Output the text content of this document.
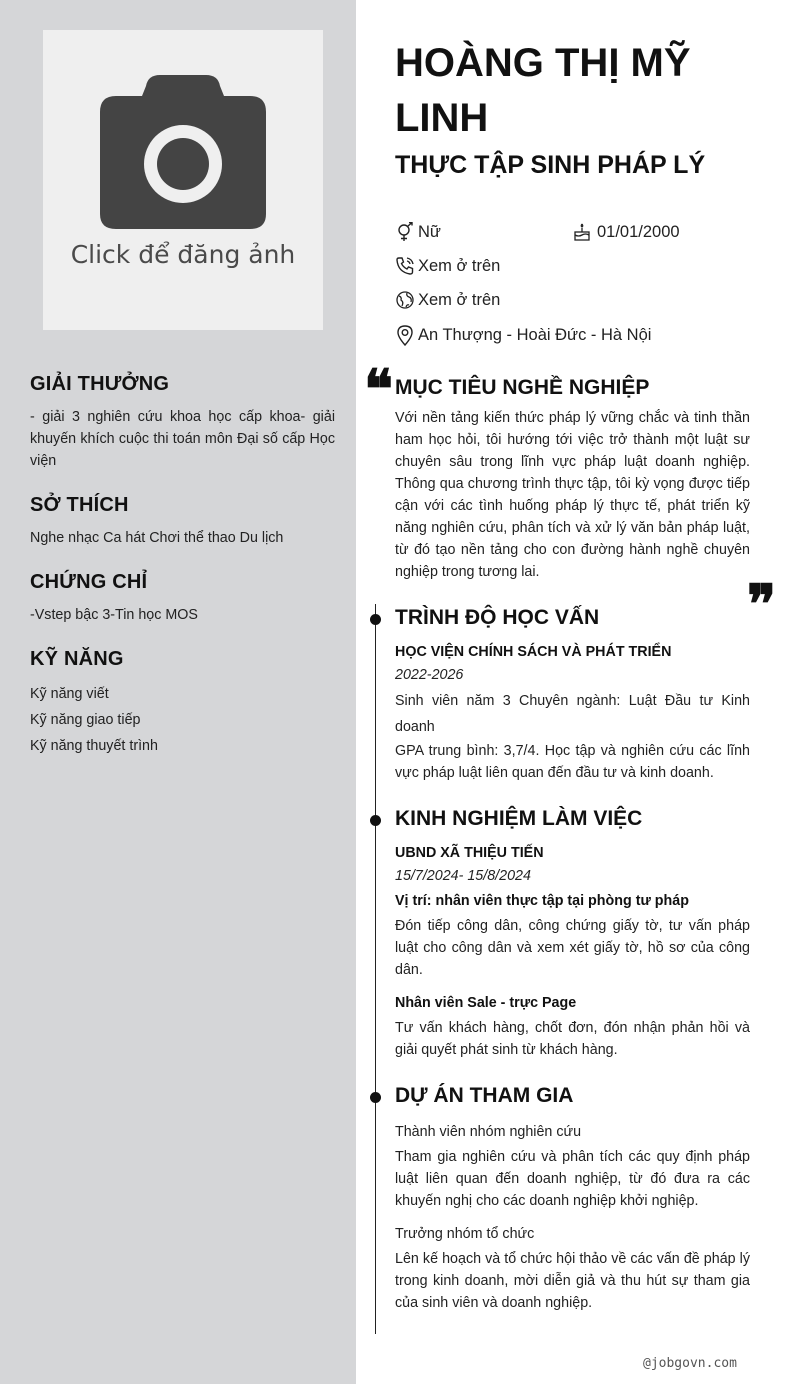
Click để đăng ảnh
GIẢI THƯỞNG

- giải 3 nghiên cứu khoa học cấp khoa- giải khuyến khích cuộc thi toán môn Đại số cấp Học viện

SỞ THÍCH

Nghe nhạc Ca hát Chơi thể thao Du lịch

CHỨNG CHỈ

-Vstep bậc 3-Tin học MOS

KỸ NĂNG
Kỹ năng viết
Kỹ năng giao tiếp
Kỹ năng thuyết trình
HOÀNG THỊ MỸ LINH
THỰC TẬP SINH PHÁP LÝ
Nữ	01/01/2000
Xem ở trên
Xem ở trên
An Thượng - Hoài Đức - Hà Nội
❝ MỤC TIÊU NGHỀ NGHIỆP

Với nền tảng kiến thức pháp lý vững chắc và tinh thần ham học hỏi, tôi hướng tới việc trở thành một luật sư chuyên sâu trong lĩnh vực pháp luật doanh nghiệp. Thông qua chương trình thực tập, tôi kỳ vọng được tiếp cận với các tình huống pháp lý thực tế, phát triển kỹ năng nghiên cứu, phân tích và xử lý văn bản pháp luật, từ đó tạo nền tảng cho con đường hành nghề chuyên nghiệp trong tương lai.	❞
TRÌNH ĐỘ HỌC VẤN

HỌC VIỆN CHÍNH SÁCH VÀ PHÁT TRIỂN

2022-2026

Sinh viên năm 3 Chuyên ngành: Luật Đầu tư Kinh doanh

GPA trung bình: 3,7/4. Học tập và nghiên cứu các lĩnh vực pháp luật liên quan đến đầu tư và kinh doanh.

KINH NGHIỆM LÀM VIỆC

UBND XÃ THIỆU TIẾN

15/7/2024- 15/8/2024

Vị trí: nhân viên thực tập tại phòng tư pháp

Đón tiếp công dân, công chứng giấy tờ, tư vấn pháp luật cho công dân và xem xét giấy tờ, hồ sơ của công dân.

Nhân viên Sale - trực Page

Tư vấn khách hàng, chốt đơn, đón nhận phản hồi và giải quyết phát sinh từ khách hàng.

DỰ ÁN THAM GIA

Thành viên nhóm nghiên cứu

Tham gia nghiên cứu và phân tích các quy định pháp luật liên quan đến doanh nghiệp, từ đó đưa ra các khuyến nghị cho các doanh nghiệp khởi nghiệp.

Trưởng nhóm tổ chức

Lên kế hoạch và tổ chức hội thảo về các vấn đề pháp lý trong kinh doanh, mời diễn giả và thu hút sự tham gia của sinh viên và doanh nghiệp.

@jobgovn.com
